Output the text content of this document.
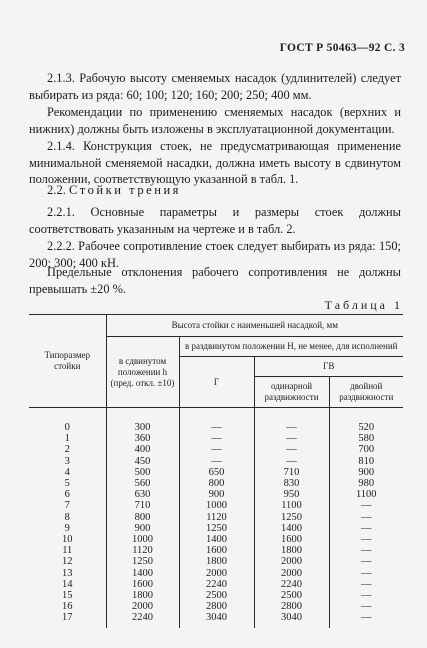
ГОСТ Р 50463—92 С. 3

2.1.3. Рабочую высоту сменяемых насадок (удлинителей) следует выбирать из ряда: 60; 100; 120; 160; 200; 250; 400 мм.

Рекомендации по применению сменяемых насадок (верхних и нижних) должны быть изложены в эксплуатационной документации.

2.1.4. Конструкция стоек, не предусматривающая применение минимальной сменяемой насадки, должна иметь высоту в сдвинутом положении, соответствующую указанной в табл. 1.

2.2. Стойки трения

2.2.1. Основные параметры и размеры стоек должны соответствовать указанным на чертеже и в табл. 2.

2.2.2. Рабочее сопротивление стоек следует выбирать из ряда: 150; 200; 300; 400 кН.

Предельные отклонения рабочего сопротивления не должны превышать ±20 %.

Таблица 1
Типоразмер стойки	Высота стойки с наименьшей насадкой, мм			
	в сдвинутом положении h (пред. откл. ±10)	в раздвинутом положении H, не менее, для исполнений		
		Г	ГВ	
			одинарной раздвижности	двойной раздвижности

0	300	—	—	520
1	360	—	—	580
2	400	—	—	700
3	450	—	—	810
4	500	650	710	900
5	560	800	830	980
6	630	900	950	1100
7	710	1000	1100	—
8	800	1120	1250	—
9	900	1250	1400	—
10	1000	1400	1600	—
11	1120	1600	1800	—
12	1250	1800	2000	—
13	1400	2000	2000	—
14	1600	2240	2240	—
15	1800	2500	2500	—
16	2000	2800	2800	—
17	2240	3040	3040	—
